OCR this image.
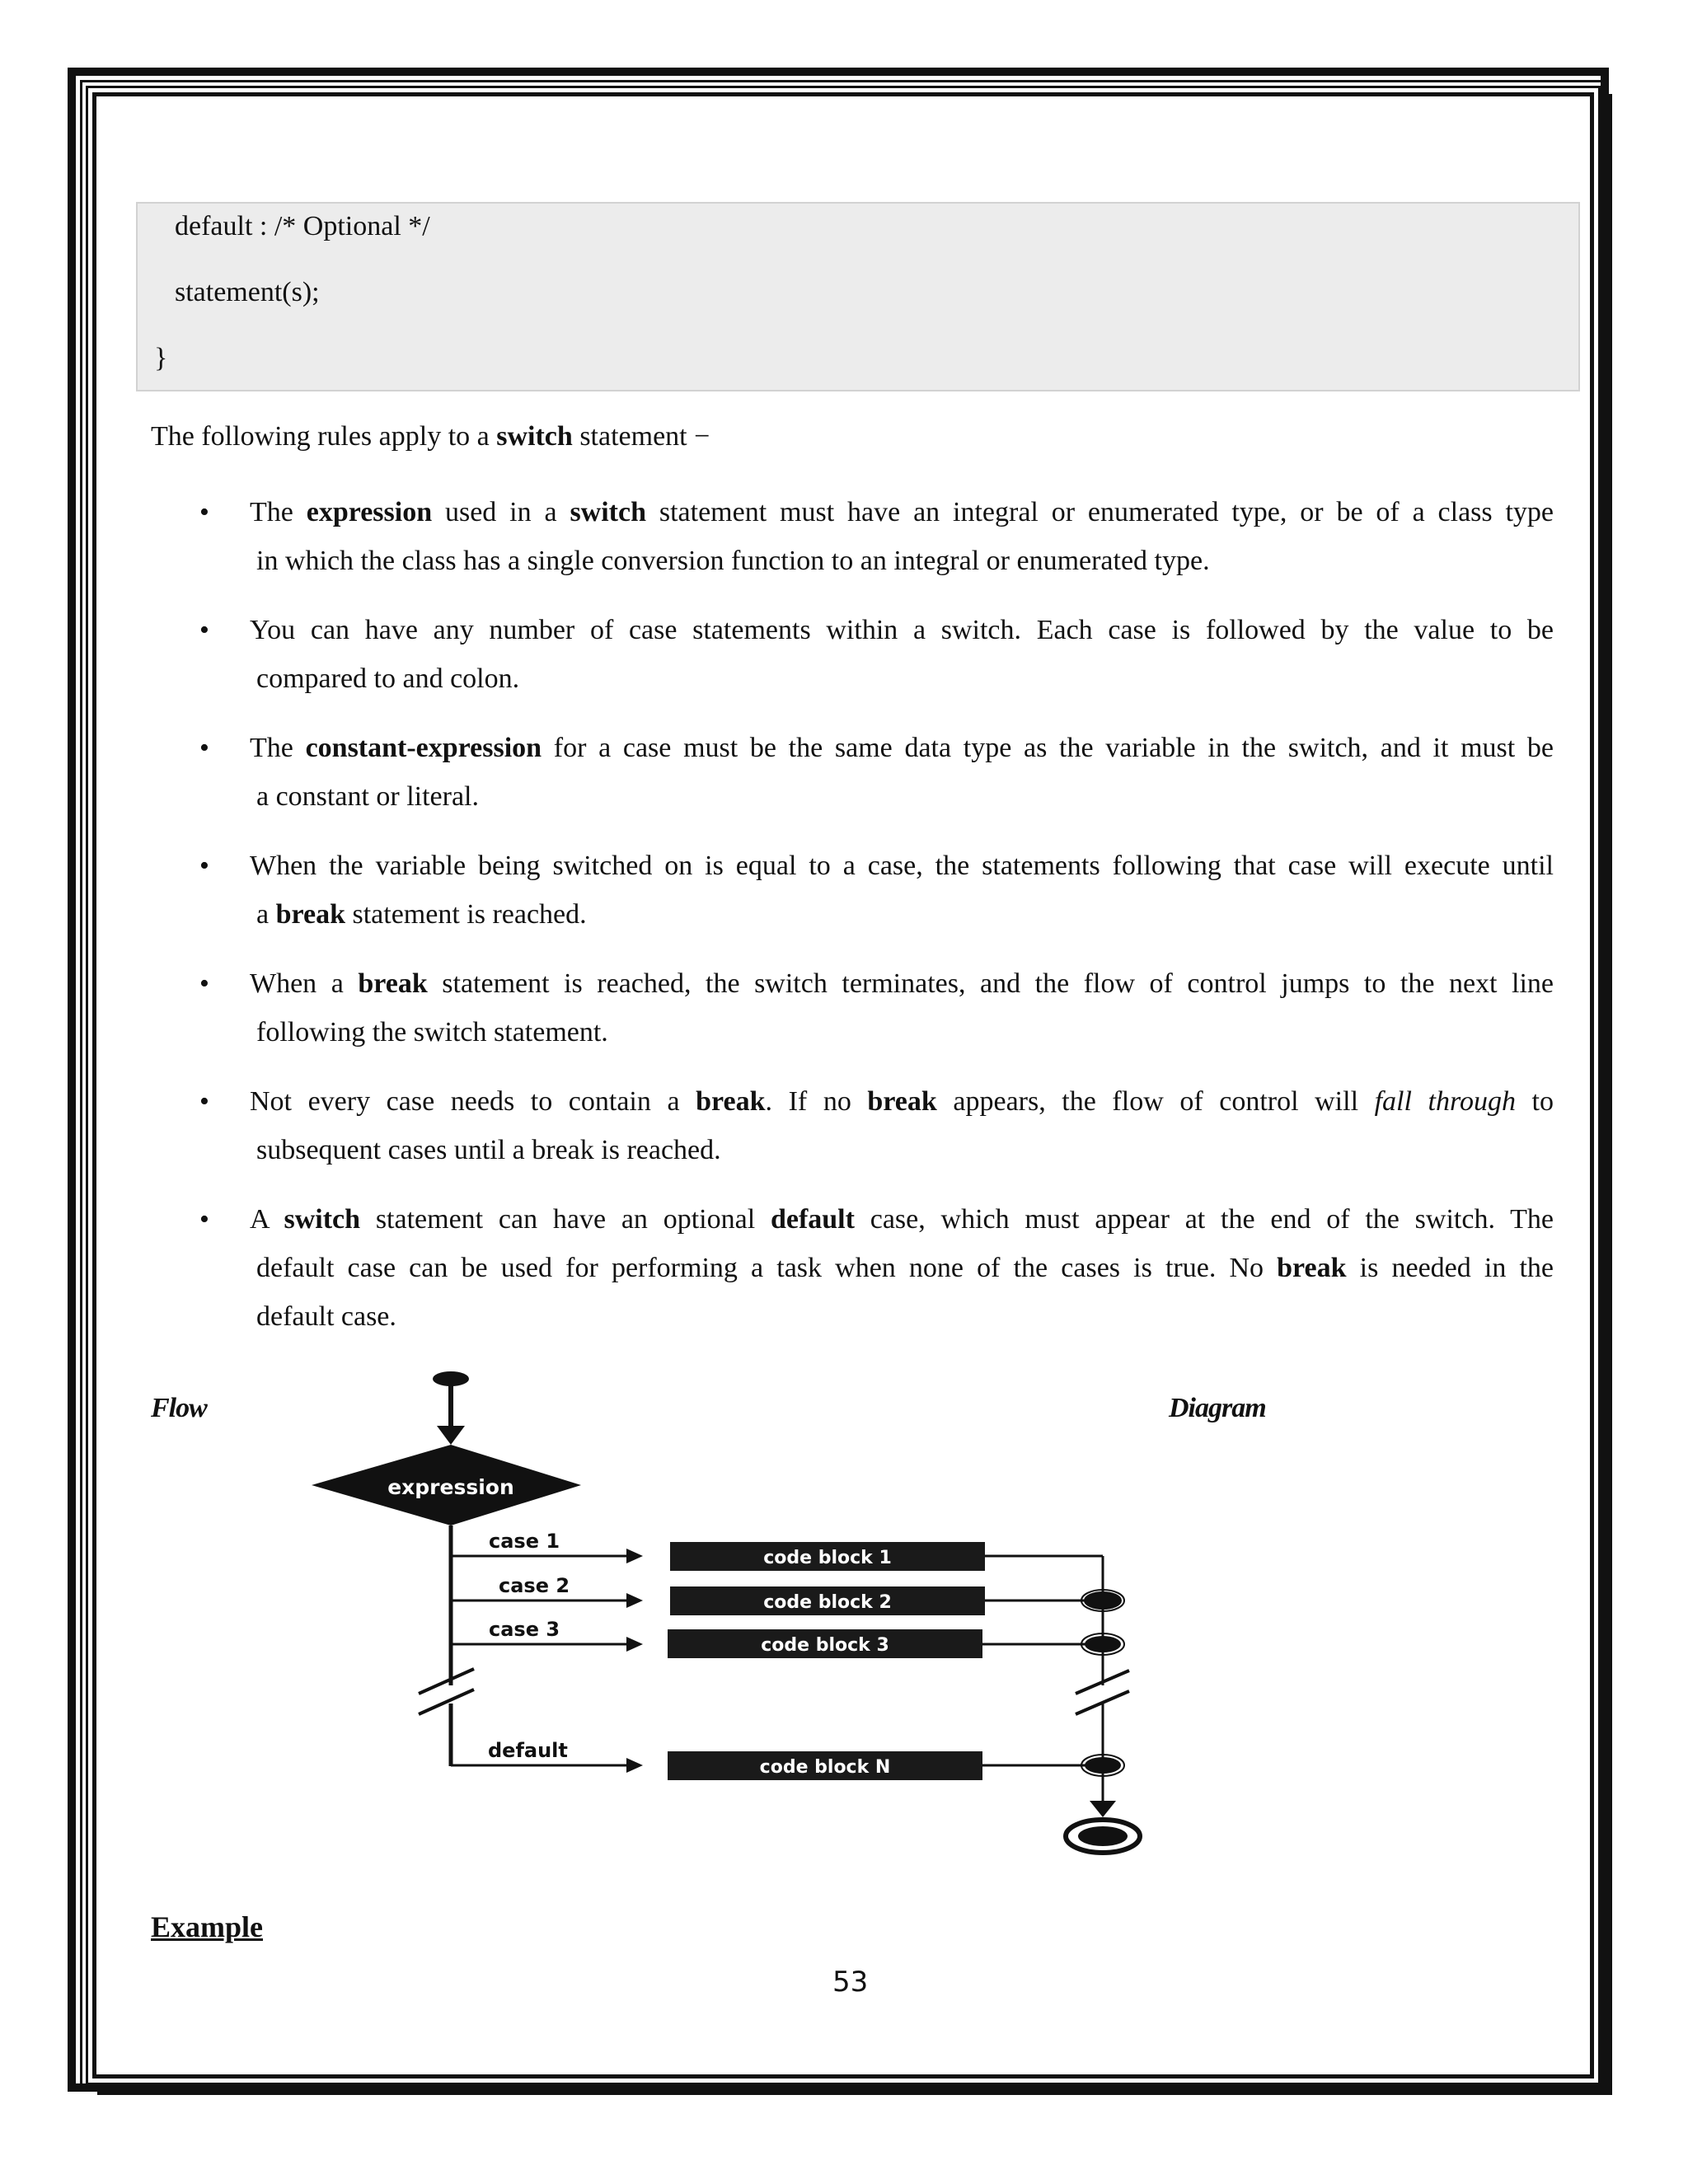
default : /* Optional */
statement(s);
}
The following rules apply to a switch statement −
•	The expression used in a switch statement must have an integral or enumerated type, or be of a class type
in which the class has a single conversion function to an integral or enumerated type.
•	You can have any number of case statements within a switch. Each case is followed by the value to be
compared to and colon.
•	The constant-expression for a case must be the same data type as the variable in the switch, and it must be
a constant or literal.
•	When the variable being switched on is equal to a case, the statements following that case will execute until
a break statement is reached.
•	When a break statement is reached, the switch terminates, and the flow of control jumps to the next line
following the switch statement.
•	Not every case needs to contain a break. If no break appears, the flow of control will fall through to
subsequent cases until a break is reached.
•	A switch statement can have an optional default case, which must appear at the end of the switch. The
default case can be used for performing a task when none of the cases is true. No break is needed in the
default case.
Flow	Diagram
expression
case 1
code block 1
case 2
code block 2
case 3
code block 3
default
code block N
Example
53
